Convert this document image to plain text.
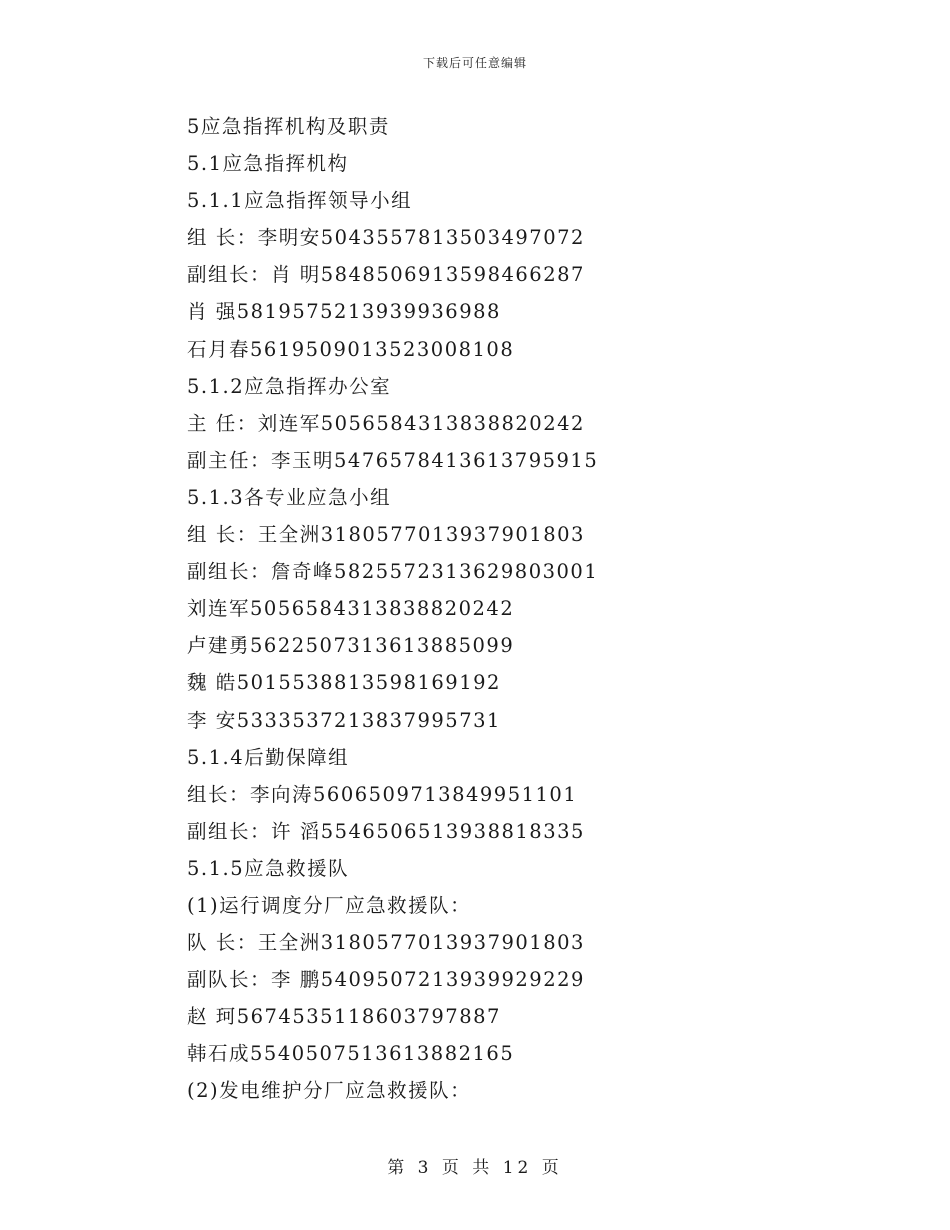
下载后可任意编辑
5应急指挥机构及职责
5.1应急指挥机构
5.1.1应急指挥领导小组
组 长：李明安5043557813503497072
副组长：肖 明5848506913598466287
肖 强5819575213939936988
石月春5619509013523008108
5.1.2应急指挥办公室
主 任：刘连军5056584313838820242
副主任：李玉明5476578413613795915
5.1.3各专业应急小组
组 长：王全洲3180577013937901803
副组长：詹奇峰5825572313629803001
刘连军5056584313838820242
卢建勇5622507313613885099
魏 皓5015538813598169192
李 安5333537213837995731
5.1.4后勤保障组
组长：李向涛5606509713849951101
副组长：许 滔5546506513938818335
5.1.5应急救援队
(1)运行调度分厂应急救援队：
队 长：王全洲3180577013937901803
副队长：李 鹏5409507213939929229
赵 珂5674535118603797887
韩石成5540507513613882165
(2)发电维护分厂应急救援队：
第 3 页 共 12 页
